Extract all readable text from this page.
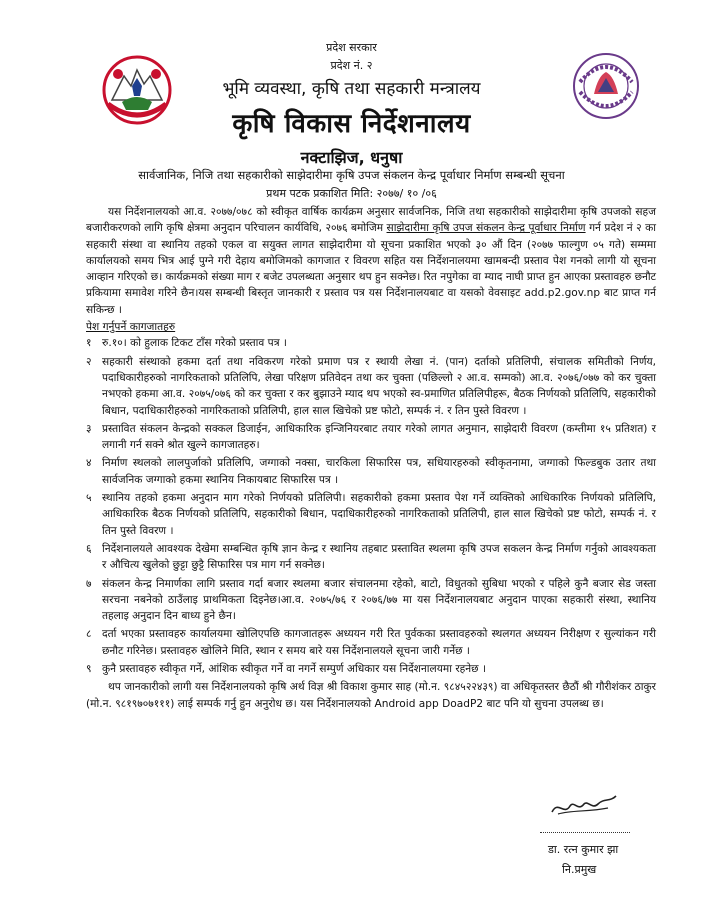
प्रदेश सरकार
प्रदेश नं. २
भूमि व्यवस्था, कृषि तथा सहकारी मन्त्रालय
कृषि विकास निर्देशनालय
नक्टाझिज, धनुषा
सार्वजानिक, निजि तथा सहकारीको साझेदारीमा कृषि उपज संकलन केन्द्र पूर्वाधार निर्माण सम्बन्धी सूचना
प्रथम पटक प्रकाशित मिति: २०७७/ १० /०६

यस निर्देशनालयको आ.व. २०७७/०७८ को स्वीकृत वार्षिक कार्यक्रम अनुसार सार्वजनिक, निजि तथा सहकारीको साझेदारीमा कृषि उपजको सहज बजारीकरणको लागि कृषि क्षेत्रमा अनुदान परिचालन कार्यविधि, २०७६ बमोजिम साझेदारीमा कृषि उपज संकलन केन्द्र पूर्वाधार निर्माण गर्न प्रदेश नं २ का सहकारी संस्था वा स्थानिय तहको एकल वा सयुक्त लागत साझेदारीमा यो सूचना प्रकाशित भएको ३० औं दिन (२०७७ फाल्गुण ०५ गते) सम्ममा कार्यालयको समय भित्र आई पुग्ने गरी देहाय बमोजिमको कागजात र विवरण सहित यस निर्देशनालयमा खामबन्दी प्रस्ताव पेश गनको लागी यो सूचना आव्हान गरिएको छ। कार्यक्रमको संख्या माग र बजेट उपलब्धता अनुसार थप हुन सक्नेछ। रित नपुगेका वा म्याद नाघी प्राप्त हुन आएका प्रस्तावहरु छनौट प्रकियामा समावेश गरिने छैन।यस सम्बन्धी बिस्तृत जानकारी र प्रस्ताव पत्र यस निर्देशनालयबाट वा यसको वेवसाइट add.p2.gov.np बाट प्राप्त गर्न सकिन्छ ।

पेश गर्नुपर्ने कागजातहरु

१ रु.१०। को हुलाक टिकट टाँस गरेको प्रस्ताव पत्र ।
२ सहकारी संस्थाको हकमा दर्ता तथा नविकरण गरेको प्रमाण पत्र र स्थायी लेखा नं. (पान) दर्ताको प्रतिलिपी, संचालक समितीको निर्णय, पदाधिकारीहरुको नागरिकताको प्रतिलिपि, लेखा परिक्षण प्रतिवेदन तथा कर चुक्ता (पछिल्लो २ आ.व. सम्मको) आ.व. २०७६/०७७ को कर चुक्ता नभएको हकमा आ.व. २०७५/०७६ को कर चुक्ता र कर बुझाउने म्याद थप भएको स्व-प्रमाणित प्रतिलिपीहरू, बैठक निर्णयको प्रतिलिपि, सहकारीको बिधान, पदाधिकारीहरुको नागरिकताको प्रतिलिपी, हाल साल खिचेको प्रष्ट फोटो, सम्पर्क नं. र तिन पुस्ते विवरण ।
३ प्रस्तावित संकलन केन्द्रको सक्कल डिजाईन, आधिकारिक इन्जिनियरबाट तयार गरेको लागत अनुमान, साझेदारी विवरण (कम्तीमा १५ प्रतिशत) र लगानी गर्न सक्ने श्रोत खुल्ने कागजातहरु।
४ निर्माण स्थलको लालपुर्जाको प्रतिलिपि, जग्गाको नक्सा, चारकिला सिफारिस पत्र, सधियारहरुको स्वीकृतनामा, जग्गाको फिल्डबुक उतार तथा सार्वजनिक जग्गाको हकमा स्थानिय निकायबाट सिफारिस पत्र ।
५ स्थानिय तहको हकमा अनुदान माग गरेको निर्णयको प्रतिलिपी। सहकारीको हकमा प्रस्ताव पेश गर्ने व्यक्तिको आधिकारिक निर्णयको प्रतिलिपि, आधिकारिक बैठक निर्णयको प्रतिलिपि, सहकारीको बिधान, पदाधिकारीहरुको नागरिकताको प्रतिलिपी, हाल साल खिचेको प्रष्ट फोटो, सम्पर्क नं. र तिन पुस्ते विवरण ।
६ निर्देशनालयले आवश्यक देखेमा सम्बन्धित कृषि ज्ञान केन्द्र र स्थानिय तहबाट प्रस्तावित स्थलमा कृषि उपज सकलन केन्द्र निर्माण गर्नुको आवश्यकता र औचित्य खुलेको छुट्टा छुट्टै सिफारिस पत्र माग गर्न सक्नेछ।
७ संकलन केन्द्र निमार्णका लागि प्रस्ताव गर्दा बजार स्थलमा बजार संचालनमा रहेको, बाटो, विधुतको सुबिधा भएको र पहिले कुनै बजार सेड जस्ता सरचना नबनेको ठाउँलाइ प्राथमिकता दिइनेछ।आ.व. २०७५/७६ र २०७६/७७ मा यस निर्देशनालयबाट अनुदान पाएका सहकारी संस्था, स्थानिय तहलाइ अनुदान दिन बाध्य हुने छैन।
८ दर्ता भएका प्रस्तावहरु कार्यालयमा खोलिएपछि कागजातहरू अध्ययन गरी रित पुर्वकका प्रस्तावहरुको स्थलगत अध्ययन निरीक्षण र सुल्यांकन गरी छनौट गरिनेछ। प्रस्तावहरु खोलिने मिति, स्थान र समय बारे यस निर्देशनालयले सूचना जारी गर्नेछ ।
९ कुनै प्रस्तावहरु स्वीकृत गर्ने, आंशिक स्वीकृत गर्ने वा नगर्ने सम्पुर्ण अधिकार यस निर्देशनालयमा रहनेछ ।

थप जानकारीको लागी यस निर्देशनालयको कृषि अर्थ विज्ञ श्री विकाश कुमार साह (मो.न. ९८४५२२४३९) वा अधिकृतस्तर छैठौं श्री गौरीशंकर ठाकुर (मो.न. ९८१९७०७१११) लाई सम्पर्क गर्नु हुन अनुरोध छ। यस निर्देशनालयको Android app DoadP2 बाट पनि यो सुचना उपलब्ध छ।

डा. रत्न कुमार झा
नि.प्रमुख
